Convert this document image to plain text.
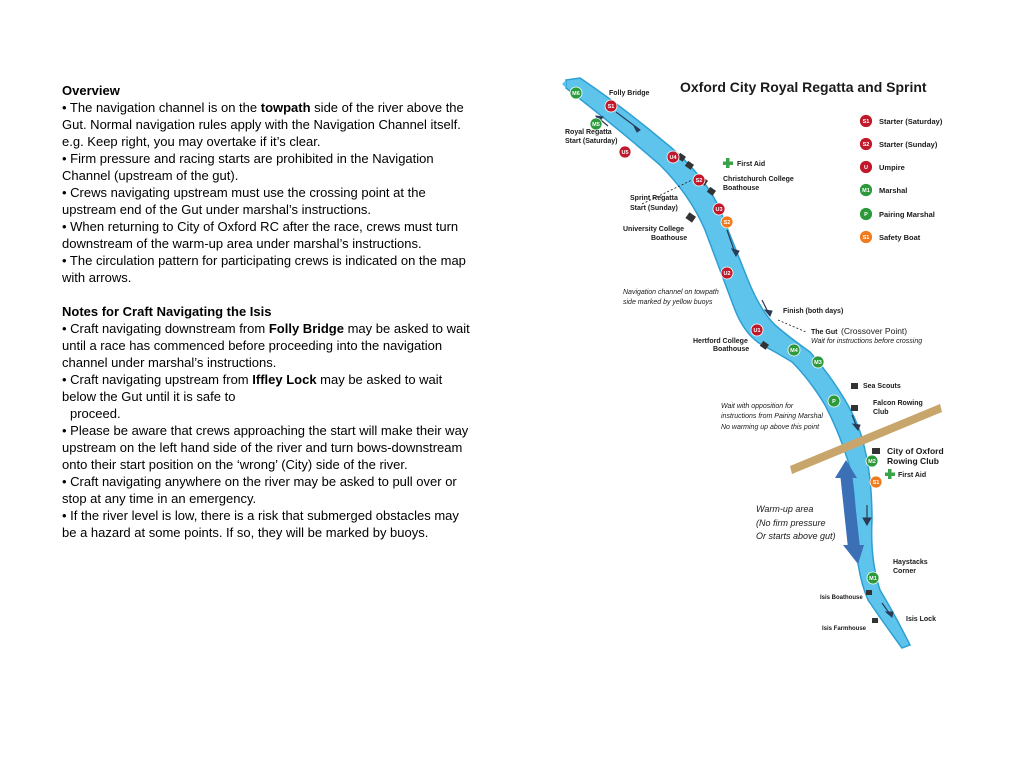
Overview

• The navigation channel is on the towpath side of the river above the Gut. Normal navigation rules apply with the Navigation Channel itself. e.g. Keep right, you may overtake if it’s clear.

• Firm pressure and racing starts are prohibited in the Navigation Channel (upstream of the gut).

• Crews navigating upstream must use the crossing point at the upstream end of the Gut under marshal’s instructions.

• When returning to City of Oxford RC after the race, crews must turn downstream of the warm-up area under marshal’s instructions.

• The circulation pattern for participating crews is indicated on the map with arrows.

Notes for Craft Navigating the Isis

• Craft navigating downstream from Folly Bridge may be asked to wait until a race has commenced before proceeding into the navigation channel under marshal’s instructions.

• Craft navigating upstream from Iffley Lock may be asked to wait below the Gut until it is safe to

proceed.

• Please be aware that crews approaching the start will make their way upstream on the left hand side of the river and turn bows-downstream onto their start position on the ‘wrong’ (City) side of the river.

• Craft navigating anywhere on the river may be asked to pull over or stop at any time in an emergency.

• If the river level is low, there is a risk that submerged obstacles may be a hazard at some points. If so, they will be marked by buoys.

Oxford City Royal Regatta and Sprint
S1 Starter (Saturday)
S2 Starter (Sunday)
U Umpire
M1 Marshal
P Pairing Marshal
S1 Safety Boat
M6
S1
M5
U5
U4
S2
U3
S2
U2
U1
M4
M3
P
M2
S1
M1
Folly Bridge
Royal Regatta
Start (Saturday)
First Aid
Christchurch College
Boathouse
Sprint Regatta
Start (Sunday)
University College
Boathouse
Navigation channel on towpath
side marked by yellow buoys
Finish (both days)
The Gut (Crossover Point)
Wait for instructions before crossing
Hertford College
Boathouse
Sea Scouts
Falcon Rowing
Club
Wait with opposition for
instructions from Pairing Marshal
No warming up above this point
City of Oxford
Rowing Club
First Aid
Warm-up area
(No firm pressure
Or starts above gut)
Haystacks
Corner
Isis Boathouse
Isis Lock
Isis Farmhouse
